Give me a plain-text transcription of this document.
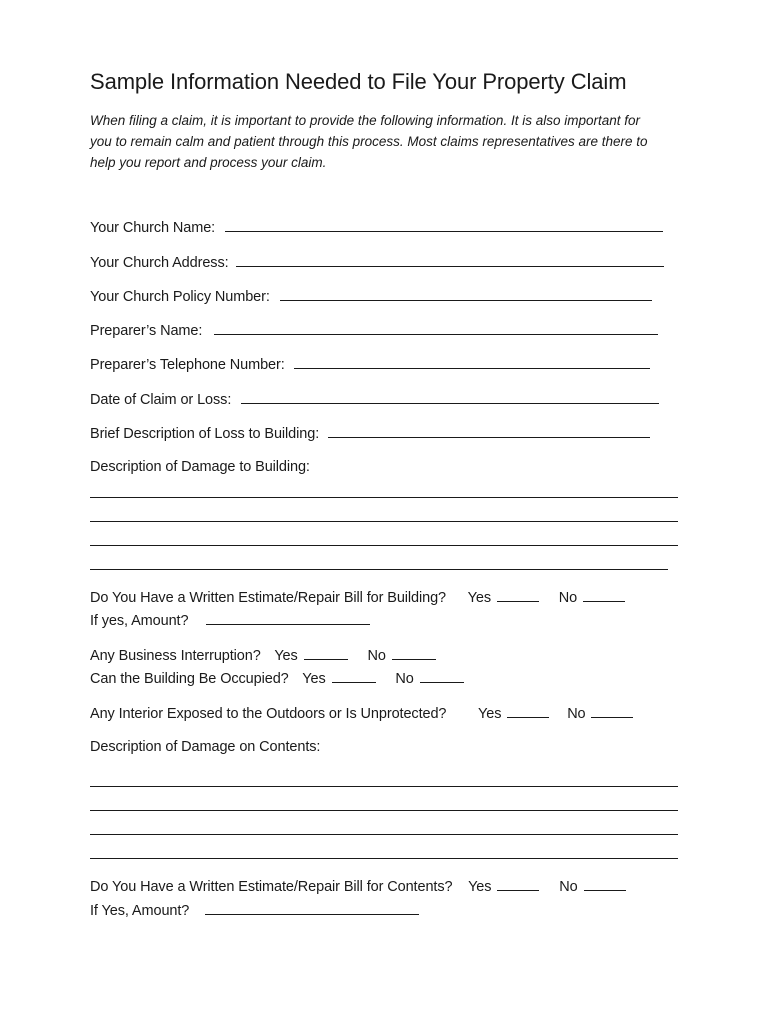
Sample Information Needed to File Your Property Claim
When filing a claim, it is important to provide the following information. It is also important for
you to remain calm and patient through this process. Most claims representatives are there to
help you report and process your claim.
Your Church Name:
Your Church Address:
Your Church Policy Number:
Preparer’s Name:
Preparer’s Telephone Number:
Date of Claim or Loss:
Brief Description of Loss to Building:
Description of Damage to Building:
Do You Have a Written Estimate/Repair Bill for Building? Yes	No
If yes, Amount?
Any Business Interruption? Yes	No
Can the Building Be Occupied? Yes	No
Any Interior Exposed to the Outdoors or Is Unprotected? Yes	No
Description of Damage on Contents:
Do You Have a Written Estimate/Repair Bill for Contents? Yes	No
If Yes, Amount?
